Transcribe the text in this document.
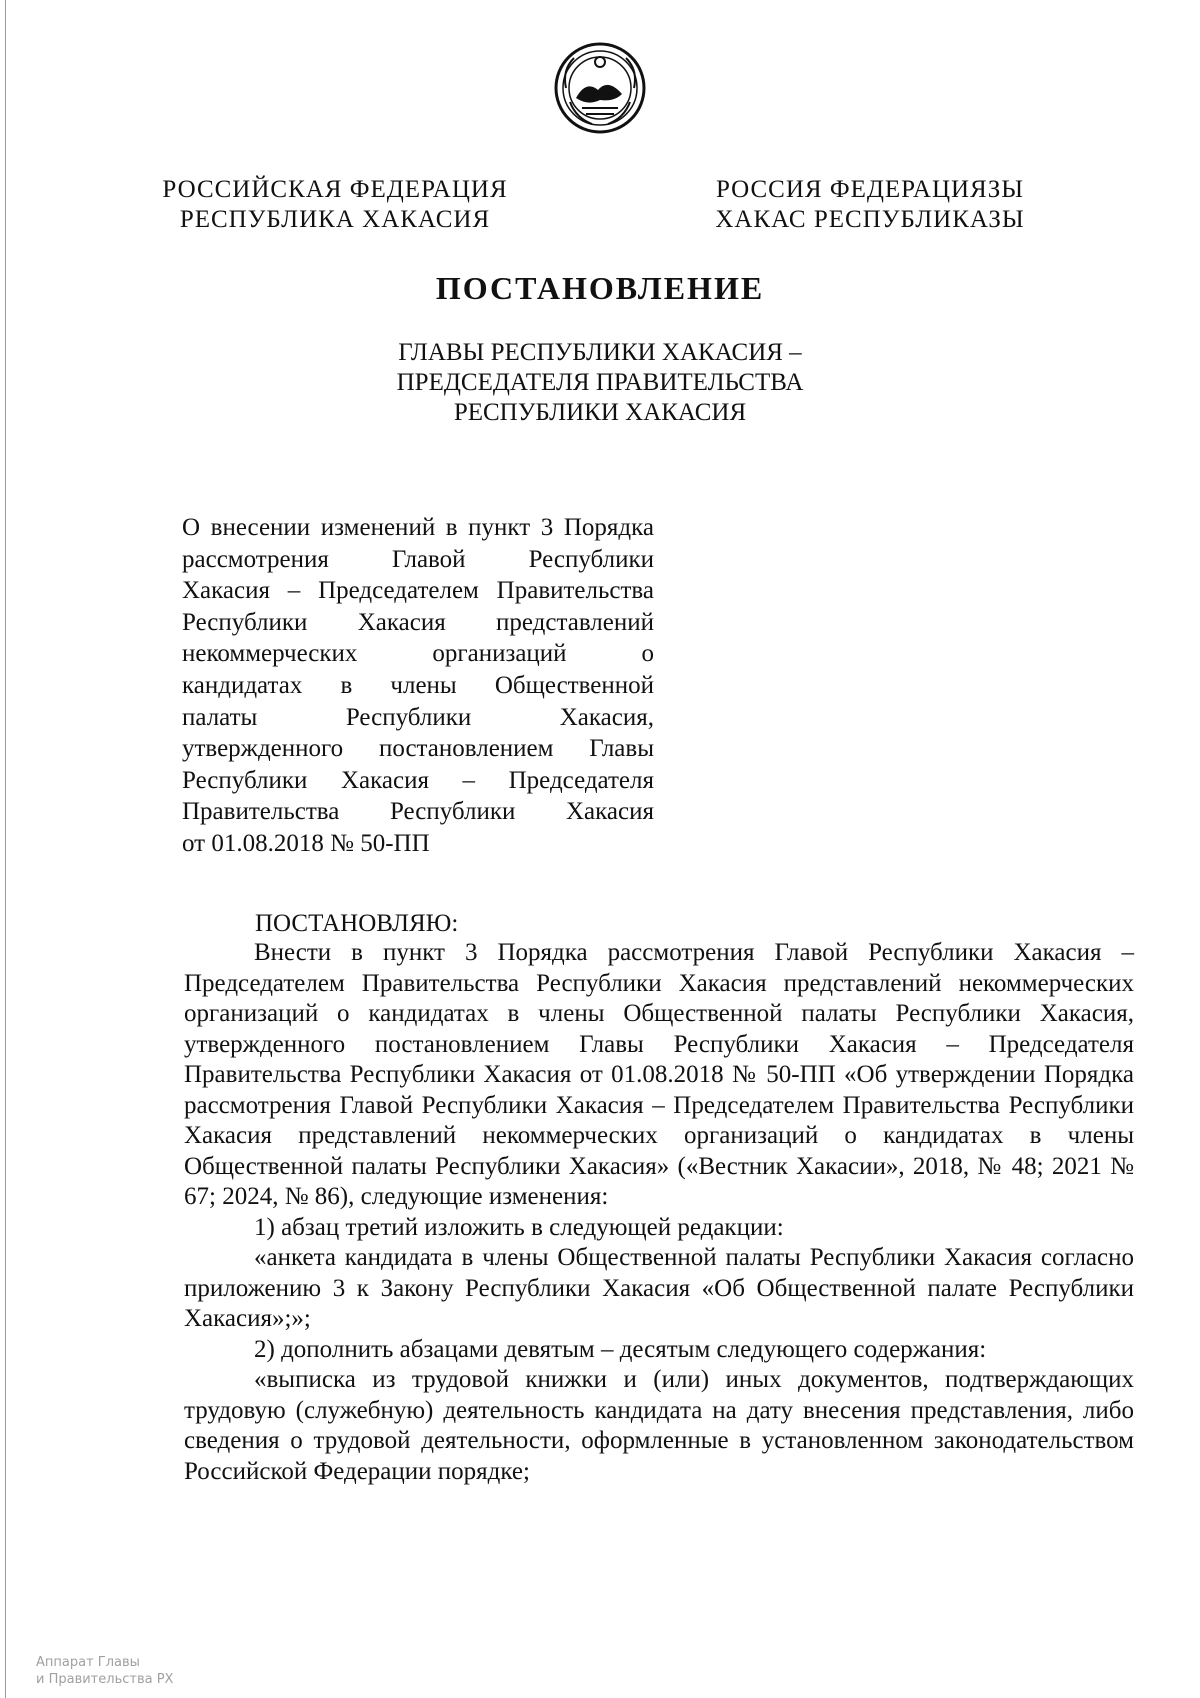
РОССИЙСКАЯ ФЕДЕРАЦИЯ
РЕСПУБЛИКА ХАКАСИЯ
РОССИЯ ФЕДЕРАЦИЯЗЫ
ХАКАС РЕСПУБЛИКАЗЫ
ПОСТАНОВЛЕНИЕ
ГЛАВЫ РЕСПУБЛИКИ ХАКАСИЯ –
ПРЕДСЕДАТЕЛЯ ПРАВИТЕЛЬСТВА
РЕСПУБЛИКИ ХАКАСИЯ
О внесении изменений в пункт 3 Порядка
рассмотрения Главой Республики
Хакасия – Председателем Правительства
Республики Хакасия представлений
некоммерческих организаций о
кандидатах в члены Общественной
палаты Республики Хакасия,
утвержденного постановлением Главы
Республики Хакасия – Председателя
Правительства Республики Хакасия
от 01.08.2018 № 50-ПП
ПОСТАНОВЛЯЮ:

Внести в пункт 3 Порядка рассмотрения Главой Республики Хакасия – Председателем Правительства Республики Хакасия представлений некоммерческих организаций о кандидатах в члены Общественной палаты Республики Хакасия, утвержденного постановлением Главы Республики Хакасия – Председателя Правительства Республики Хакасия от 01.08.2018 № 50-ПП «Об утверждении Порядка рассмотрения Главой Республики Хакасия – Председателем Правительства Республики Хакасия представлений некоммерческих организаций о кандидатах в члены Общественной палаты Республики Хакасия» («Вестник Хакасии», 2018, № 48; 2021 № 67; 2024, № 86), следующие изменения:

1) абзац третий изложить в следующей редакции:

«анкета кандидата в члены Общественной палаты Республики Хакасия согласно приложению 3 к Закону Республики Хакасия «Об Общественной палате Республики Хакасия»;»;

2) дополнить абзацами девятым – десятым следующего содержания:

«выписка из трудовой книжки и (или) иных документов, подтверждающих трудовую (служебную) деятельность кандидата на дату внесения представления, либо сведения о трудовой деятельности, оформленные в установленном законодательством Российской Федерации порядке;

Аппарат Главы
и Правительства РХ
